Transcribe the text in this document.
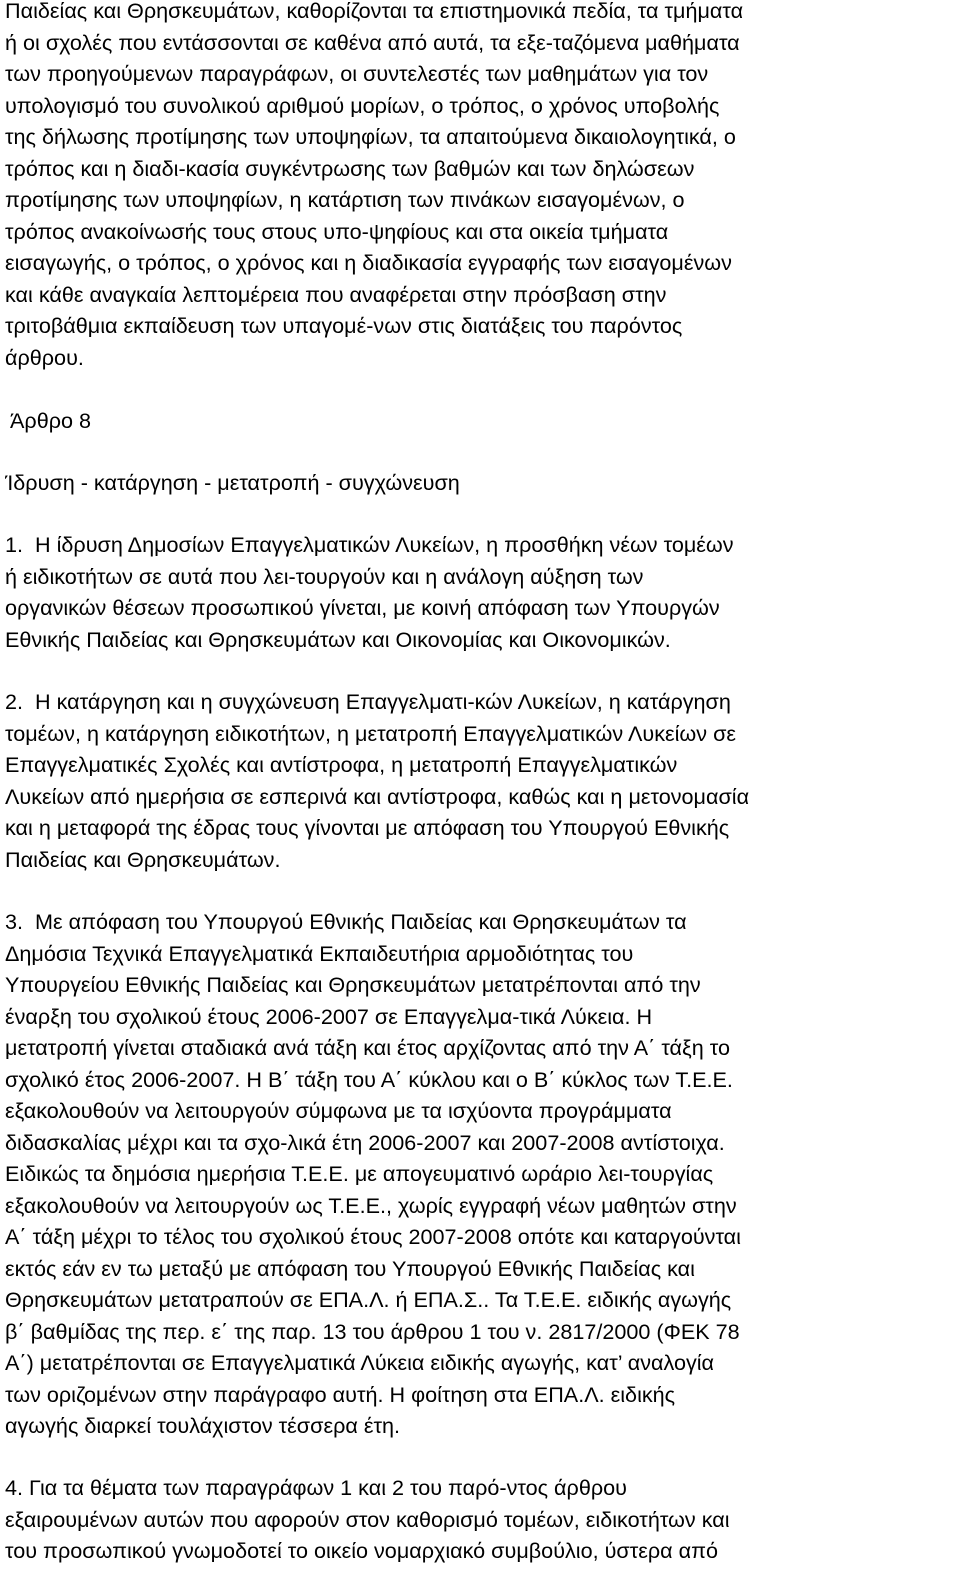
Παιδείας και Θρησκευμάτων, καθορίζονται τα επιστημονικά πεδία, τα τμήματα
ή οι σχολές που εντάσσονται σε καθένα από αυτά, τα εξε-ταζόμενα μαθήματα
των προηγούμενων παραγράφων, οι συντελεστές των μαθημάτων για τον
υπολογισμό του συνολικού αριθμού μορίων, ο τρόπος, ο χρόνος υποβολής
της δήλωσης προτίμησης των υποψηφίων, τα απαιτούμενα δικαιολογητικά, ο
τρόπος και η διαδι-κασία συγκέντρωσης των βαθμών και των δηλώσεων
προτίμησης των υποψηφίων, η κατάρτιση των πινάκων εισαγομένων, ο
τρόπος ανακοίνωσής τους στους υπο-ψηφίους και στα οικεία τμήματα
εισαγωγής, ο τρόπος, ο χρόνος και η διαδικασία εγγραφής των εισαγομένων
και κάθε αναγκαία λεπτομέρεια που αναφέρεται στην πρόσβαση στην
τριτοβάθμια εκπαίδευση των υπαγομέ-νων στις διατάξεις του παρόντος
άρθρου.

Άρθρο 8

Ίδρυση - κατάργηση - μετατροπή - συγχώνευση

1.  Η ίδρυση Δημοσίων Επαγγελματικών Λυκείων, η προσθήκη νέων τομέων
ή ειδικοτήτων σε αυτά που λει-τουργούν και η ανάλογη αύξηση των
οργανικών θέσεων προσωπικού γίνεται, με κοινή απόφαση των Υπουργών
Εθνικής Παιδείας και Θρησκευμάτων και Οικονομίας και Οικονομικών.

2.  Η κατάργηση και η συγχώνευση Επαγγελματι-κών Λυκείων, η κατάργηση
τομέων, η κατάργηση ειδικοτήτων, η μετατροπή Επαγγελματικών Λυκείων σε
Επαγγελματικές Σχολές και αντίστροφα, η μετατροπή Επαγγελματικών
Λυκείων από ημερήσια σε εσπερινά και αντίστροφα, καθώς και η μετονομασία
και η μεταφορά της έδρας τους γίνονται με απόφαση του Υπουργού Εθνικής
Παιδείας και Θρησκευμάτων.

3.  Με απόφαση του Υπουργού Εθνικής Παιδείας και Θρησκευμάτων τα
Δημόσια Τεχνικά Επαγγελματικά Εκπαιδευτήρια αρμοδιότητας του
Υπουργείου Εθνικής Παιδείας και Θρησκευμάτων μετατρέπονται από την
έναρξη του σχολικού έτους 2006-2007 σε Επαγγελμα-τικά Λύκεια. Η
μετατροπή γίνεται σταδιακά ανά τάξη και έτος αρχίζοντας από την Α΄ τάξη το
σχολικό έτος 2006-2007. Η Β΄ τάξη του Α΄ κύκλου και ο Β΄ κύκλος των Τ.Ε.Ε.
εξακολουθούν να λειτουργούν σύμφωνα με τα ισχύοντα προγράμματα
διδασκαλίας μέχρι και τα σχο-λικά έτη 2006-2007 και 2007-2008 αντίστοιχα.
Ειδικώς τα δημόσια ημερήσια Τ.Ε.Ε. με απογευματινό ωράριο λει-τουργίας
εξακολουθούν να λειτουργούν ως Τ.Ε.Ε., χωρίς εγγραφή νέων μαθητών στην
Α΄ τάξη μέχρι το τέλος του σχολικού έτους 2007-2008 οπότε και καταργούνται
εκτός εάν εν τω μεταξύ με απόφαση του Υπουργού Εθνικής Παιδείας και
Θρησκευμάτων μετατραπούν σε ΕΠΑ.Λ. ή ΕΠΑ.Σ.. Τα Τ.Ε.Ε. ειδικής αγωγής
β΄ βαθμίδας της περ. ε΄ της παρ. 13 του άρθρου 1 του ν. 2817/2000 (ΦΕΚ 78
Α΄) μετατρέπονται σε Επαγγελματικά Λύκεια ειδικής αγωγής, κατ’ αναλογία
των οριζομένων στην παράγραφο αυτή. Η φοίτηση στα ΕΠΑ.Λ. ειδικής
αγωγής διαρκεί τουλάχιστον τέσσερα έτη.

4. Για τα θέματα των παραγράφων 1 και 2 του παρό-ντος άρθρου
εξαιρουμένων αυτών που αφορούν στον καθορισμό τομέων, ειδικοτήτων και
του προσωπικού γνωμοδοτεί το οικείο νομαρχιακό συμβούλιο, ύστερα από
